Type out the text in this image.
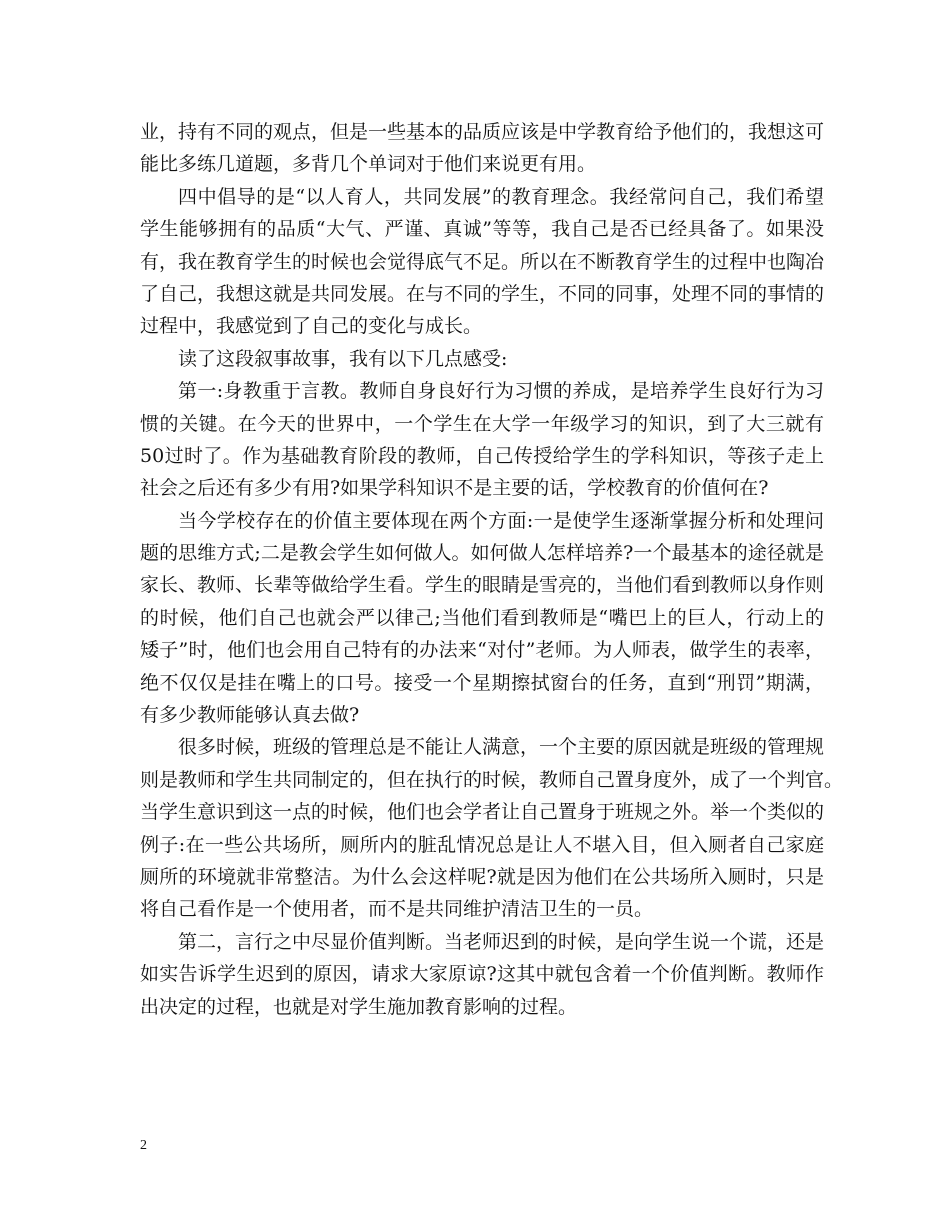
业，持有不同的观点，但是一些基本的品质应该是中学教育给予他们的，我想这可
能比多练几道题，多背几个单词对于他们来说更有用。
四中倡导的是“以人育人，共同发展”的教育理念。我经常问自己，我们希望
学生能够拥有的品质“大气、严谨、真诚”等等，我自己是否已经具备了。如果没
有，我在教育学生的时候也会觉得底气不足。所以在不断教育学生的过程中也陶冶
了自己，我想这就是共同发展。在与不同的学生，不同的同事，处理不同的事情的
过程中，我感觉到了自己的变化与成长。
读了这段叙事故事，我有以下几点感受:
第一:身教重于言教。教师自身良好行为习惯的养成，是培养学生良好行为习
惯的关键。在今天的世界中，一个学生在大学一年级学习的知识，到了大三就有
50过时了。作为基础教育阶段的教师，自己传授给学生的学科知识，等孩子走上
社会之后还有多少有用?如果学科知识不是主要的话，学校教育的价值何在?
当今学校存在的价值主要体现在两个方面:一是使学生逐渐掌握分析和处理问
题的思维方式;二是教会学生如何做人。如何做人怎样培养?一个最基本的途径就是
家长、教师、长辈等做给学生看。学生的眼睛是雪亮的，当他们看到教师以身作则
的时候，他们自己也就会严以律己;当他们看到教师是“嘴巴上的巨人，行动上的
矮子”时，他们也会用自己特有的办法来“对付”老师。为人师表，做学生的表率，
绝不仅仅是挂在嘴上的口号。接受一个星期擦拭窗台的任务，直到“刑罚”期满，
有多少教师能够认真去做?
很多时候，班级的管理总是不能让人满意，一个主要的原因就是班级的管理规
则是教师和学生共同制定的，但在执行的时候，教师自己置身度外，成了一个判官。
当学生意识到这一点的时候，他们也会学者让自己置身于班规之外。举一个类似的
例子:在一些公共场所，厕所内的脏乱情况总是让人不堪入目，但入厕者自己家庭
厕所的环境就非常整洁。为什么会这样呢?就是因为他们在公共场所入厕时，只是
将自己看作是一个使用者，而不是共同维护清洁卫生的一员。
第二，言行之中尽显价值判断。当老师迟到的时候，是向学生说一个谎，还是
如实告诉学生迟到的原因，请求大家原谅?这其中就包含着一个价值判断。教师作
出决定的过程，也就是对学生施加教育影响的过程。
2
